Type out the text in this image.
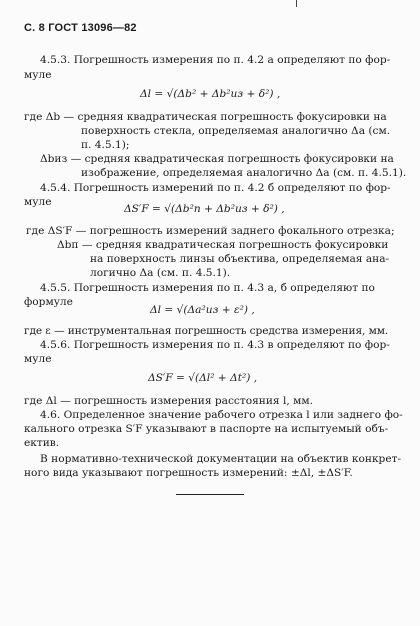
С. 8 ГОСТ 13096—82
4.5.3. Погрешность измерения по п. 4.2 а определяют по фор-
муле
Δl = √(Δb² + Δb²из + δ²) ,
где Δb — средняя квадратическая погрешность фокусировки на
поверхность стекла, определяемая аналогично Δа (см.
п. 4.5.1);
Δbиз — средняя квадратическая погрешность фокусировки на
изображение, определяемая аналогично Δа (см. п. 4.5.1).
4.5.4. Погрешность измерений по п. 4.2 б определяют по фор-
муле
ΔS′F = √(Δb²п + Δb²из + δ²) ,
где ΔS′F — погрешность измерений заднего фокального отрезка;
Δbп — средняя квадратическая погрешность фокусировки
на поверхность линзы объектива, определяемая ана-
логично Δа (см. п. 4.5.1).
4.5.5. Погрешность измерения по п. 4.3 а, б определяют по
формуле
Δl = √(Δa²из + ε²) ,
где ε — инструментальная погрешность средства измерения, мм.
4.5.6. Погрешность измерения по п. 4.3 в определяют по фор-
муле
ΔS′F = √(Δl² + Δt²) ,
где Δl — погрешность измерения расстояния l, мм.
4.6. Определенное значение рабочего отрезка l или заднего фо-
кального отрезка S′F указывают в паспорте на испытуемый объ-
ектив.
В нормативно-технической документации на объектив конкрет-
ного вида указывают погрешность измерений: ±Δl, ±ΔS′F.
